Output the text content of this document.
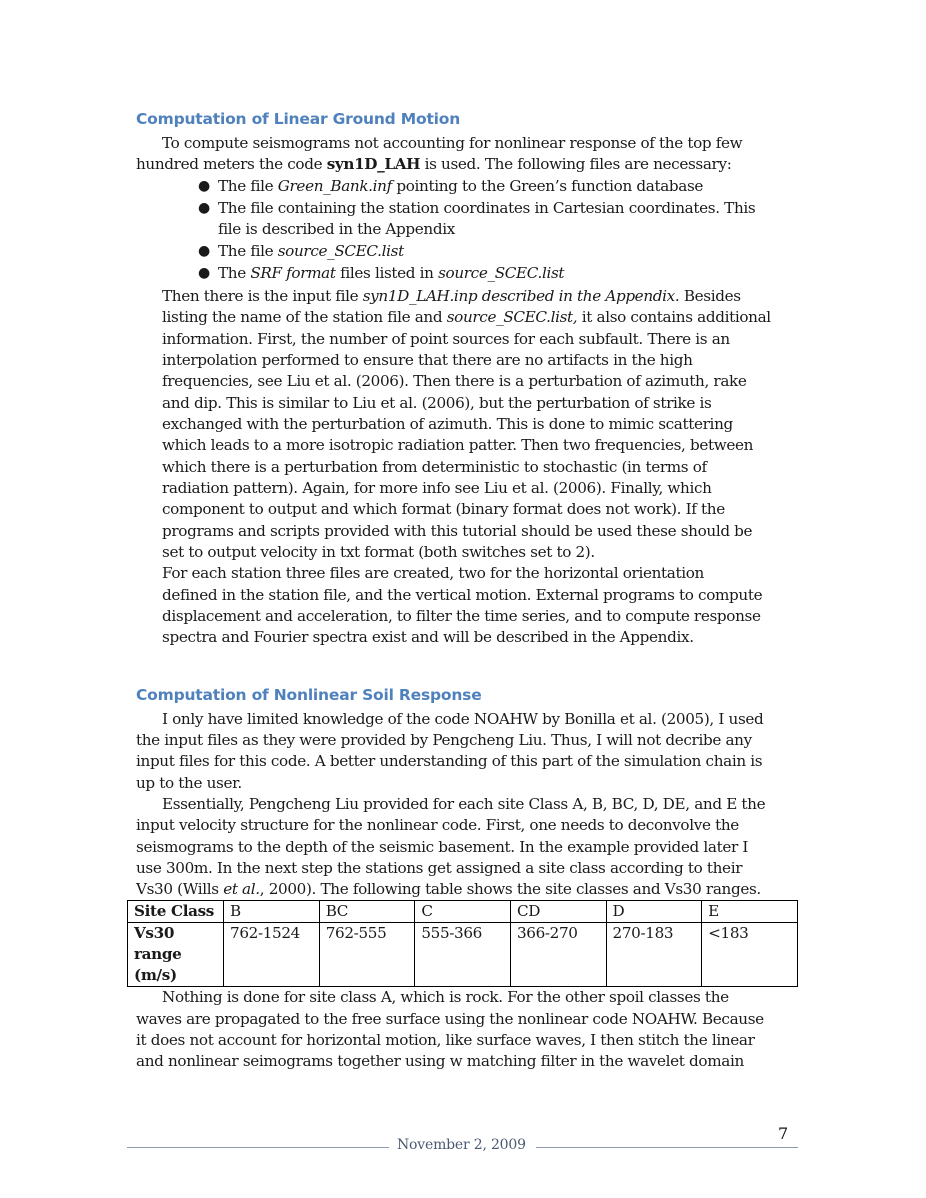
Computation of Linear Ground Motion
To compute seismograms not accounting for nonlinear response of the top few
hundred meters the code syn1D_LAH is used. The following files are necessary:
● The file Green_Bank.inf pointing to the Green’s function database
● The file containing the station coordinates in Cartesian coordinates. This
file is described in the Appendix
● The file source_SCEC.list
● The SRF format files listed in source_SCEC.list
Then there is the input file syn1D_LAH.inp described in the Appendix. Besides
listing the name of the station file and source_SCEC.list, it also contains additional
information. First, the number of point sources for each subfault. There is an
interpolation performed to ensure that there are no artifacts in the high
frequencies, see Liu et al. (2006). Then there is a perturbation of azimuth, rake
and dip. This is similar to Liu et al. (2006), but the perturbation of strike is
exchanged with the perturbation of azimuth. This is done to mimic scattering
which leads to a more isotropic radiation patter. Then two frequencies, between
which there is a perturbation from deterministic to stochastic (in terms of
radiation pattern). Again, for more info see Liu et al. (2006). Finally, which
component to output and which format (binary format does not work). If the
programs and scripts provided with this tutorial should be used these should be
set to output velocity in txt format (both switches set to 2).
For each station three files are created, two for the horizontal orientation
defined in the station file, and the vertical motion. External programs to compute
displacement and acceleration, to filter the time series, and to compute response
spectra and Fourier spectra exist and will be described in the Appendix.
Computation of Nonlinear Soil Response
I only have limited knowledge of the code NOAHW by Bonilla et al. (2005), I used
the input files as they were provided by Pengcheng Liu. Thus, I will not decribe any
input files for this code. A better understanding of this part of the simulation chain is
up to the user.
Essentially, Pengcheng Liu provided for each site Class A, B, BC, D, DE, and E the
input velocity structure for the nonlinear code. First, one needs to deconvolve the
seismograms to the depth of the seismic basement. In the example provided later I
use 300m. In the next step the stations get assigned a site class according to their
Vs30 (Wills et al., 2000). The following table shows the site classes and Vs30 ranges.
Site Class	B	BC	C	CD	D	E

Vs30
range
(m/s)	762-1524	762-555	555-366	366-270	270-183	<183
Nothing is done for site class A, which is rock. For the other spoil classes the
waves are propagated to the free surface using the nonlinear code NOAHW. Because
it does not account for horizontal motion, like surface waves, I then stitch the linear
and nonlinear seimograms together using w matching filter in the wavelet domain
7
November 2, 2009
